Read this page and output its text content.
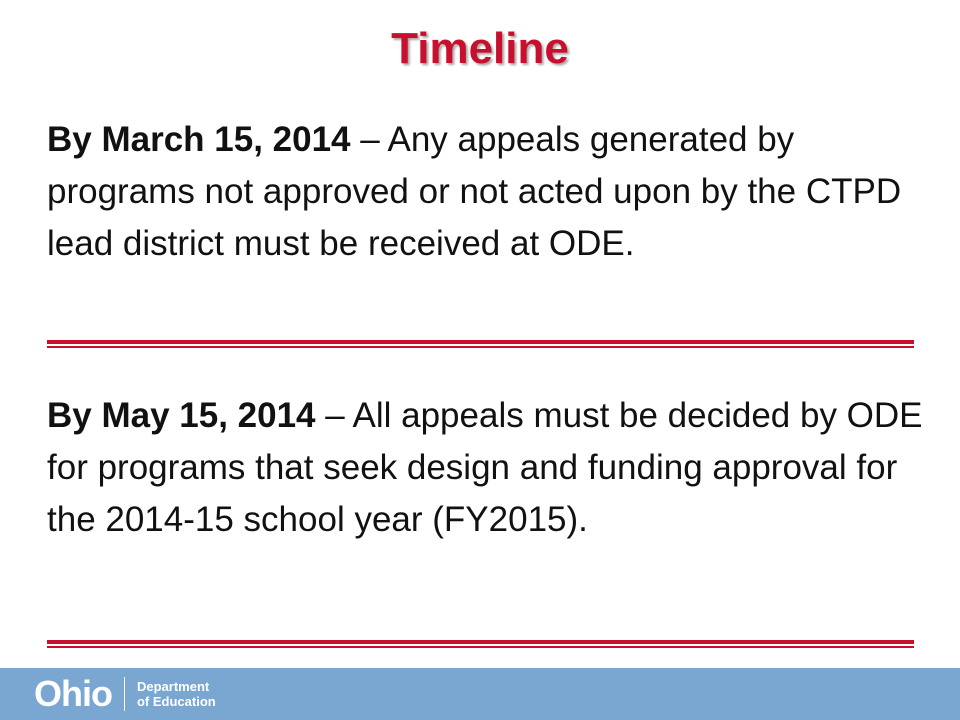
Timeline

By March 15, 2014 – Any appeals generated by programs not approved or not acted upon by the CTPD lead district must be received at ODE.

By May 15, 2014 – All appeals must be decided by ODE for programs that seek design and funding approval for the 2014-15 school year (FY2015).

Ohio Department
of Education
